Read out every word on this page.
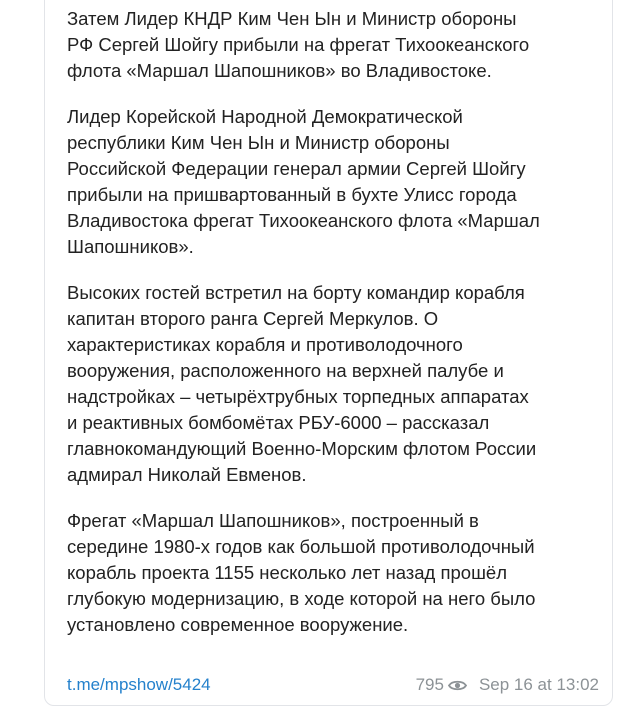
Затем Лидер КНДР Ким Чен Ын и Министр обороны
РФ Сергей Шойгу прибыли на фрегат Тихоокеанского
флота «Маршал Шапошников» во Владивостоке.

Лидер Корейской Народной Демократической
республики Ким Чен Ын и Министр обороны
Российской Федерации генерал армии Сергей Шойгу
прибыли на пришвартованный в бухте Улисс города
Владивостока фрегат Тихоокеанского флота «Маршал
Шапошников».

Высоких гостей встретил на борту командир корабля
капитан второго ранга Сергей Меркулов. О
характеристиках корабля и противолодочного
вооружения, расположенного на верхней палубе и
надстройках – четырёхтрубных торпедных аппаратах
и реактивных бомбомётах РБУ-6000 – рассказал
главнокомандующий Военно-Морским флотом России
адмирал Николай Евменов.

Фрегат «Маршал Шапошников», построенный в
середине 1980-х годов как большой противолодочный
корабль проекта 1155 несколько лет назад прошёл
глубокую модернизацию, в ходе которой на него было
установлено современное вооружение.

t.me/mpshow/5424	795 Sep 16 at 13:02
